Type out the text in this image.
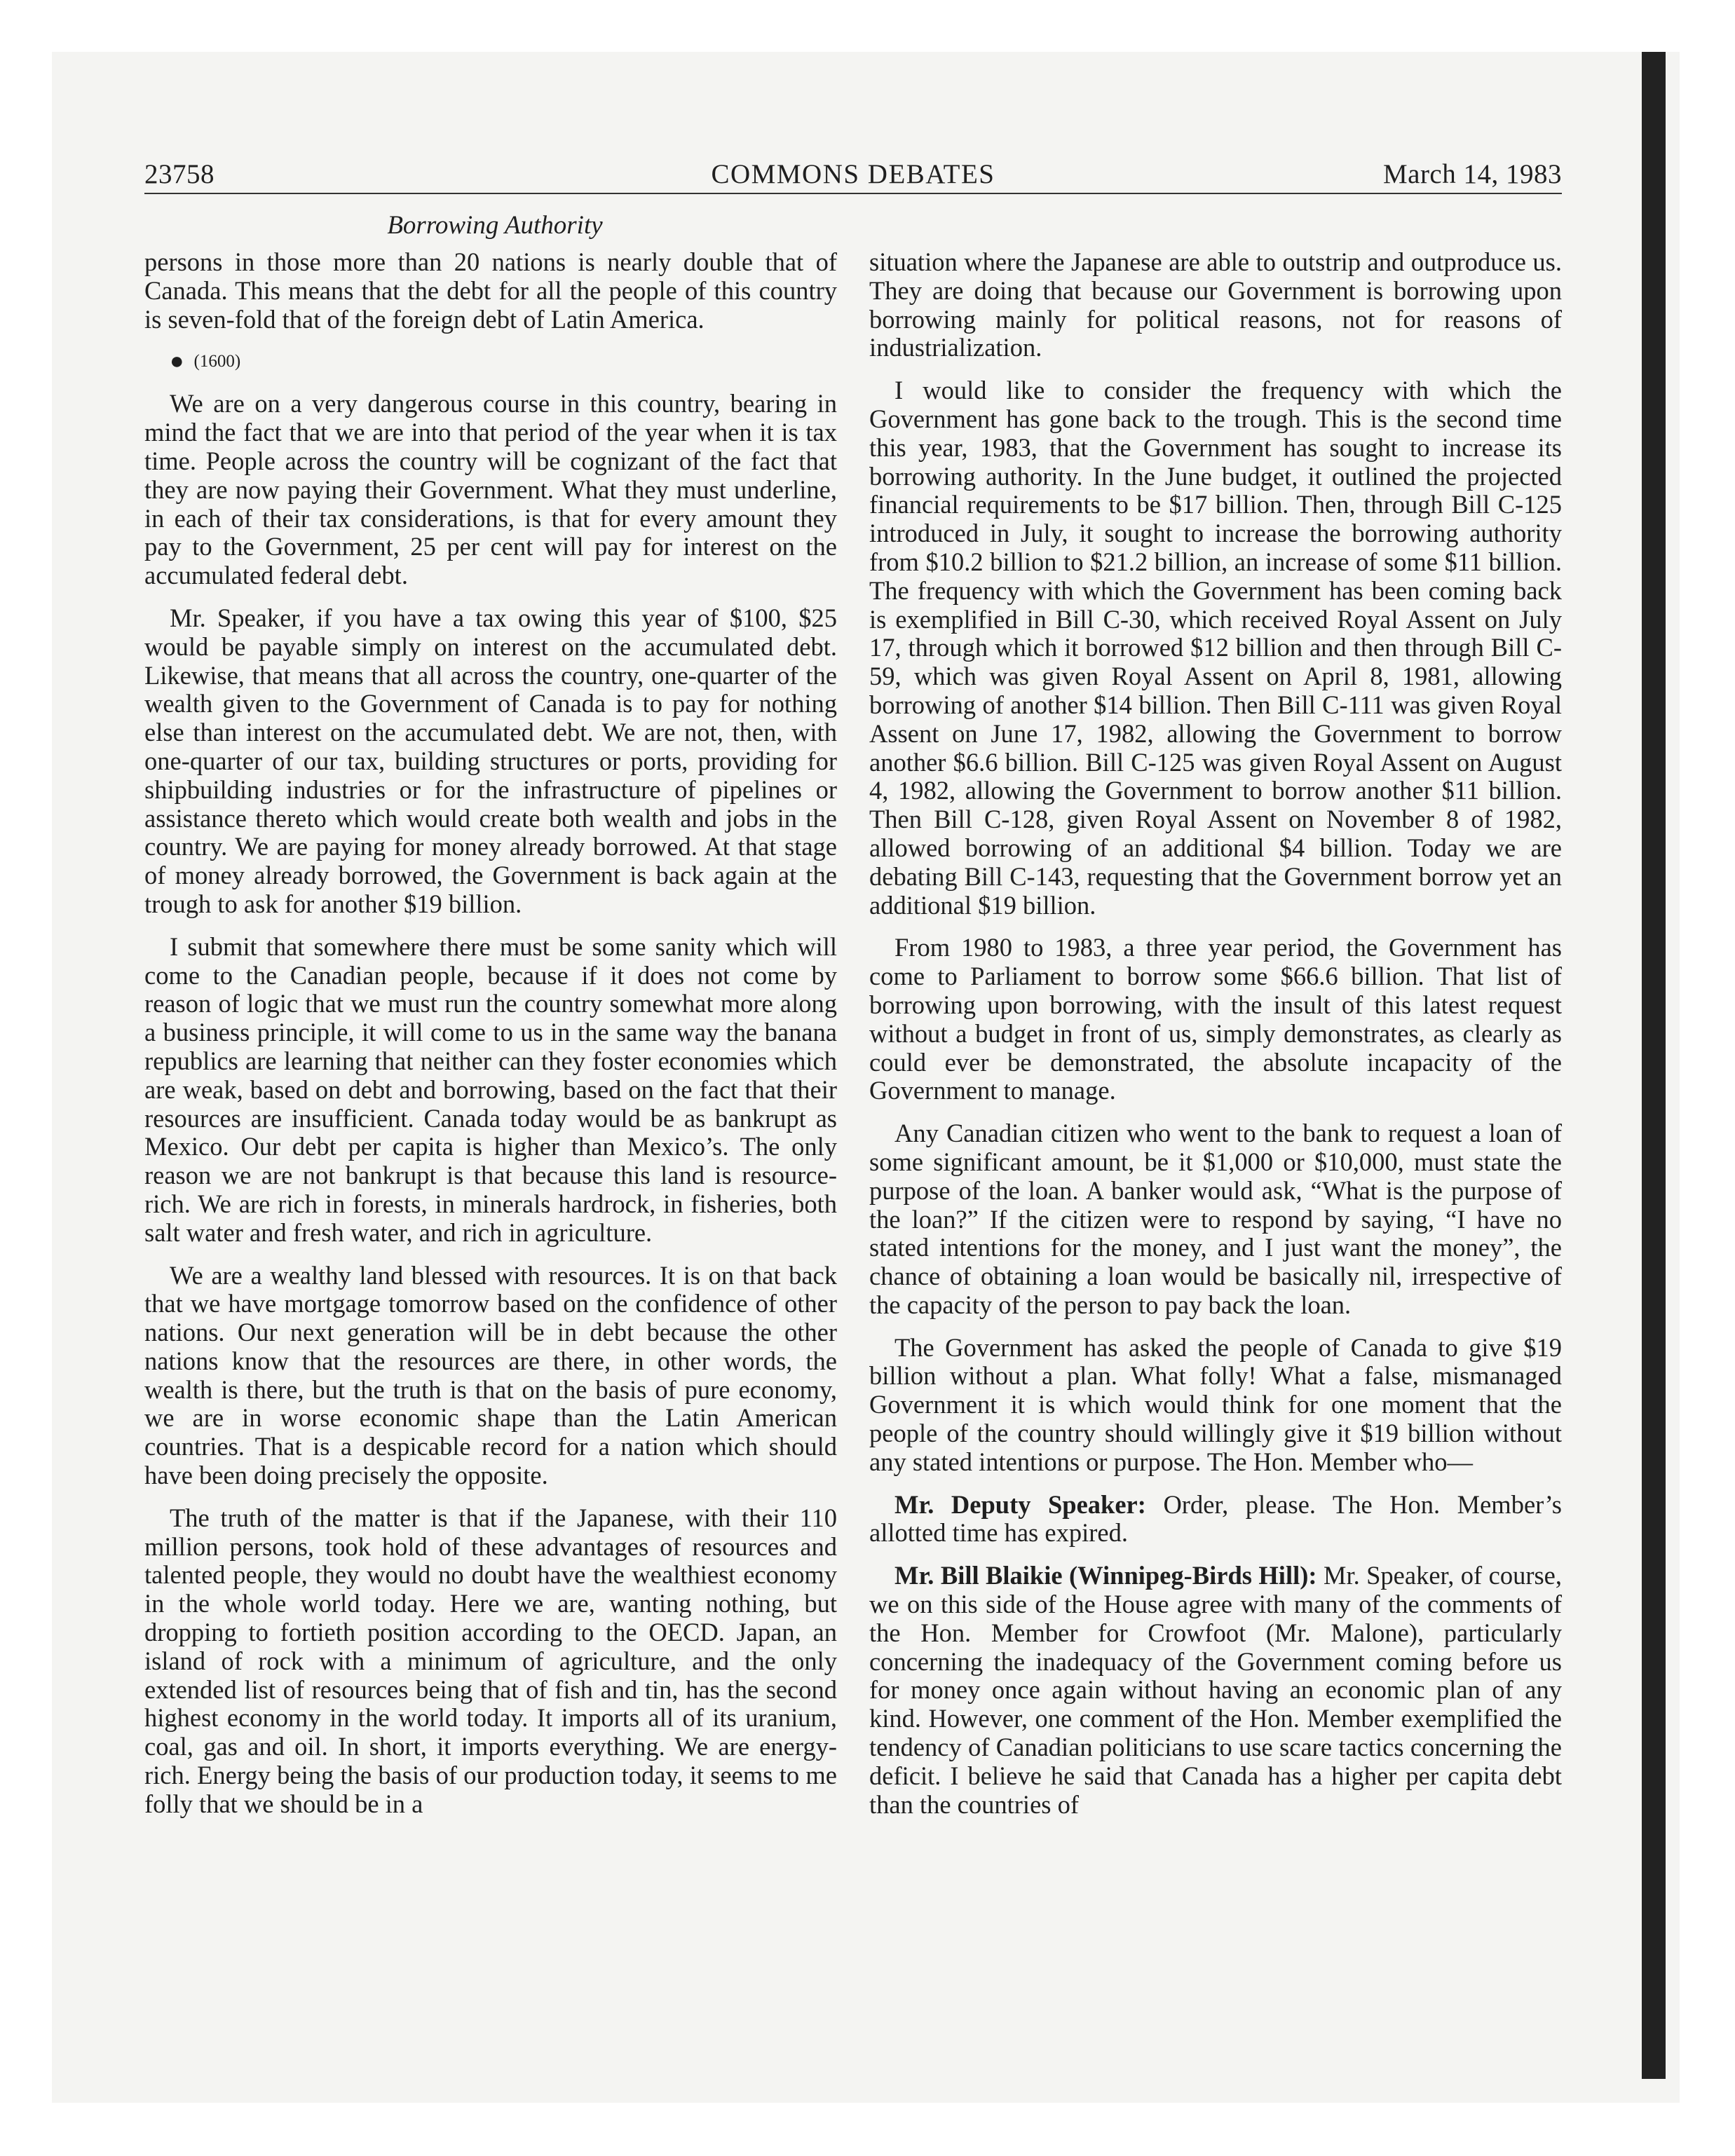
23758	COMMONS DEBATES	March 14, 1983
Borrowing Authority

persons in those more than 20 nations is nearly double that of Canada. This means that the debt for all the people of this country is seven-fold that of the foreign debt of Latin America.

● (1600)

We are on a very dangerous course in this country, bearing in mind the fact that we are into that period of the year when it is tax time. People across the country will be cognizant of the fact that they are now paying their Government. What they must underline, in each of their tax considerations, is that for every amount they pay to the Government, 25 per cent will pay for interest on the accumulated federal debt.

Mr. Speaker, if you have a tax owing this year of $100, $25 would be payable simply on interest on the accumulated debt. Likewise, that means that all across the country, one-quarter of the wealth given to the Government of Canada is to pay for nothing else than interest on the accumulated debt. We are not, then, with one-quarter of our tax, building structures or ports, providing for shipbuilding industries or for the infrastructure of pipelines or assistance thereto which would create both wealth and jobs in the country. We are paying for money already borrowed. At that stage of money already borrowed, the Government is back again at the trough to ask for another $19 billion.

I submit that somewhere there must be some sanity which will come to the Canadian people, because if it does not come by reason of logic that we must run the country somewhat more along a business principle, it will come to us in the same way the banana republics are learning that neither can they foster economies which are weak, based on debt and borrowing, based on the fact that their resources are insufficient. Canada today would be as bankrupt as Mexico. Our debt per capita is higher than Mexico’s. The only reason we are not bankrupt is that because this land is resource-rich. We are rich in forests, in minerals hardrock, in fisheries, both salt water and fresh water, and rich in agriculture.

We are a wealthy land blessed with resources. It is on that back that we have mortgage tomorrow based on the confidence of other nations. Our next generation will be in debt because the other nations know that the resources are there, in other words, the wealth is there, but the truth is that on the basis of pure economy, we are in worse economic shape than the Latin American countries. That is a despicable record for a nation which should have been doing precisely the opposite.

The truth of the matter is that if the Japanese, with their 110 million persons, took hold of these advantages of resources and talented people, they would no doubt have the wealthiest economy in the whole world today. Here we are, wanting nothing, but dropping to fortieth position according to the OECD. Japan, an island of rock with a minimum of agriculture, and the only extended list of resources being that of fish and tin, has the second highest economy in the world today. It imports all of its uranium, coal, gas and oil. In short, it imports everything. We are energy-rich. Energy being the basis of our production today, it seems to me folly that we should be in a

situation where the Japanese are able to outstrip and outproduce us. They are doing that because our Government is borrowing upon borrowing mainly for political reasons, not for reasons of industrialization.

I would like to consider the frequency with which the Government has gone back to the trough. This is the second time this year, 1983, that the Government has sought to increase its borrowing authority. In the June budget, it outlined the projected financial requirements to be $17 billion. Then, through Bill C-125 introduced in July, it sought to increase the borrowing authority from $10.2 billion to $21.2 billion, an increase of some $11 billion. The frequency with which the Government has been coming back is exemplified in Bill C-30, which received Royal Assent on July 17, through which it borrowed $12 billion and then through Bill C-59, which was given Royal Assent on April 8, 1981, allowing borrowing of another $14 billion. Then Bill C-111 was given Royal Assent on June 17, 1982, allowing the Government to borrow another $6.6 billion. Bill C-125 was given Royal Assent on August 4, 1982, allowing the Government to borrow another $11 billion. Then Bill C-128, given Royal Assent on November 8 of 1982, allowed borrowing of an additional $4 billion. Today we are debating Bill C-143, requesting that the Government borrow yet an additional $19 billion.

From 1980 to 1983, a three year period, the Government has come to Parliament to borrow some $66.6 billion. That list of borrowing upon borrowing, with the insult of this latest request without a budget in front of us, simply demonstrates, as clearly as could ever be demonstrated, the absolute incapacity of the Government to manage.

Any Canadian citizen who went to the bank to request a loan of some significant amount, be it $1,000 or $10,000, must state the purpose of the loan. A banker would ask, “What is the purpose of the loan?” If the citizen were to respond by saying, “I have no stated intentions for the money, and I just want the money”, the chance of obtaining a loan would be basically nil, irrespective of the capacity of the person to pay back the loan.

The Government has asked the people of Canada to give $19 billion without a plan. What folly! What a false, mismanaged Government it is which would think for one moment that the people of the country should willingly give it $19 billion without any stated intentions or purpose. The Hon. Member who—

Mr. Deputy Speaker: Order, please. The Hon. Member’s allotted time has expired.

Mr. Bill Blaikie (Winnipeg-Birds Hill): Mr. Speaker, of course, we on this side of the House agree with many of the comments of the Hon. Member for Crowfoot (Mr. Malone), particularly concerning the inadequacy of the Government coming before us for money once again without having an economic plan of any kind. However, one comment of the Hon. Member exemplified the tendency of Canadian politicians to use scare tactics concerning the deficit. I believe he said that Canada has a higher per capita debt than the countries of
